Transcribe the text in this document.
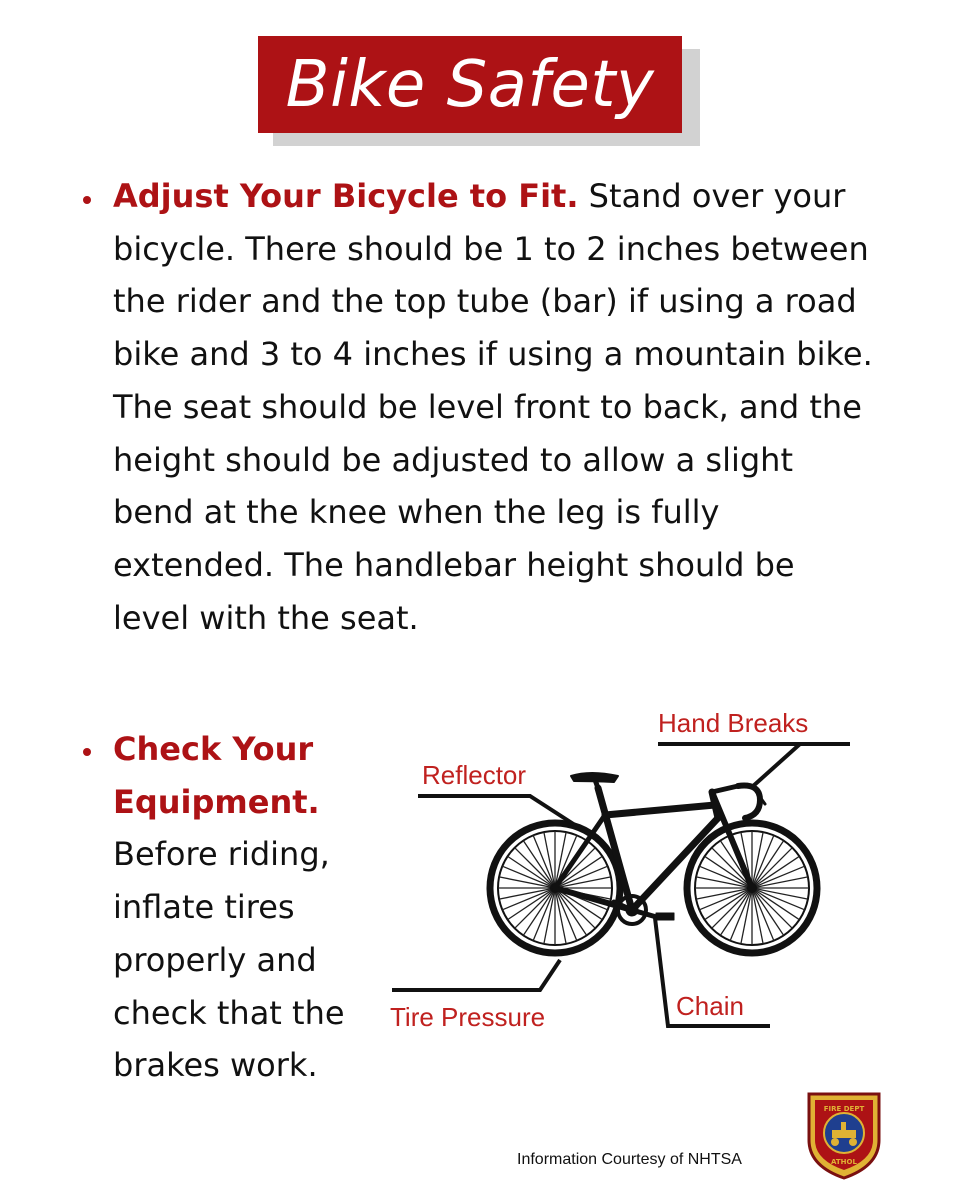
Bike Safety

Adjust Your Bicycle to Fit. Stand over your bicycle. There should be 1 to 2 inches between the rider and the top tube (bar) if using a road bike and 3 to 4 inches if using a mountain bike. The seat should be level front to back, and the height should be adjusted to allow a slight bend at the knee when the leg is fully extended. The handlebar height should be level with the seat.

Check Your Equipment. Before riding, inflate tires properly and check that the brakes work.

Hand Breaks
Reflector
Tire Pressure	Chain
Information Courtesy of NHTSA
FIRE DEPT
ATHOL
